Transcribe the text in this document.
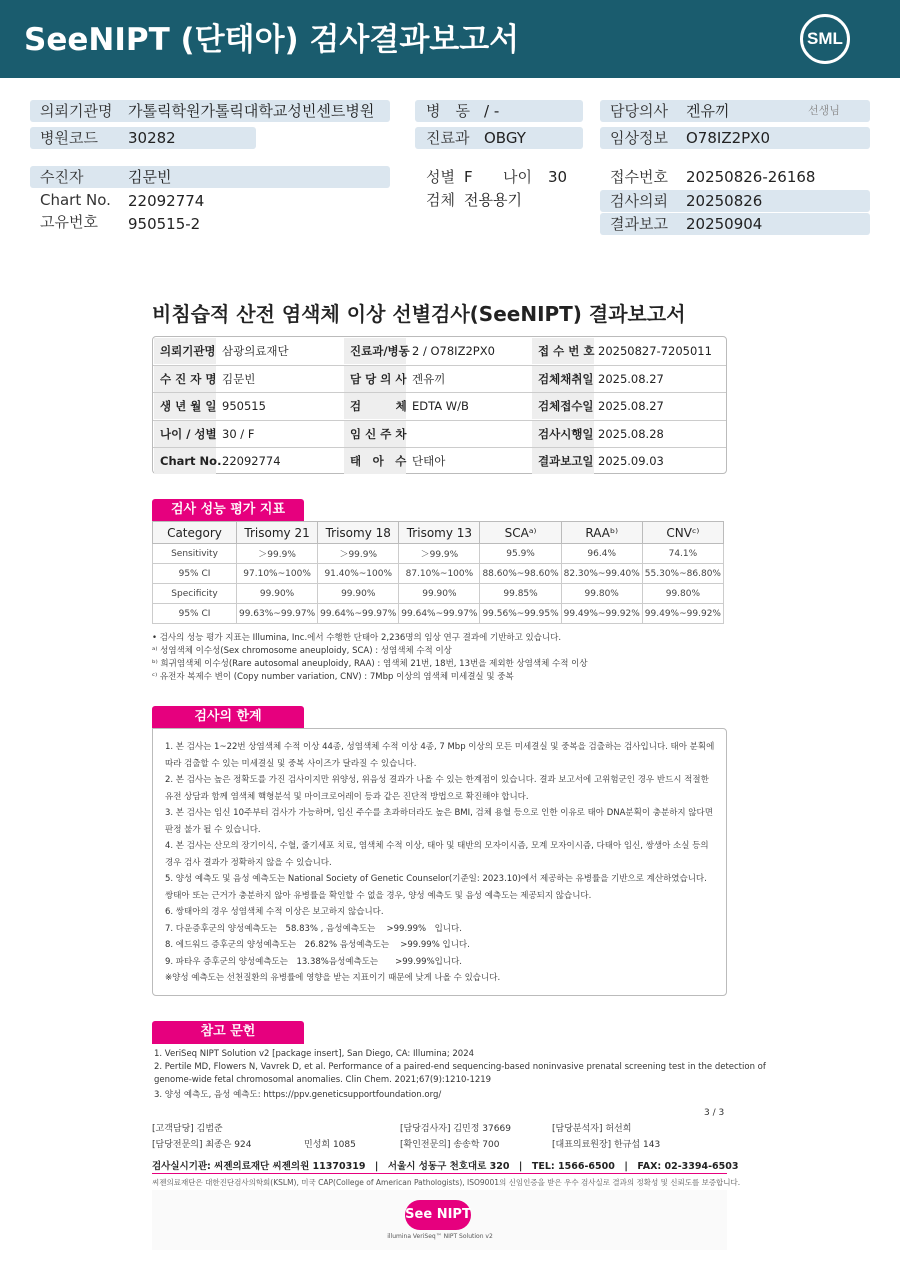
SeeNIPT (단태아) 검사결과보고서	SML
의뢰기관명 가톨릭학원가톨릭대학교성빈센트병원	병　동 / -	담당의사 겐유끼	선생님
병원코드 30282	진료과 OBGY	임상정보 O78IZ2PX0
수진자	김문빈	성별 F 나이 30	접수번호 20250826-26168
Chart No. 22092774	검체 전용용기	검사의뢰 20250826
고유번호 950515-2	결과보고 20250904
비침습적 산전 염색체 이상 선별검사(SeeNIPT) 결과보고서
의뢰기관명 삼광의료재단	진료과/병동 2 / O78IZ2PX0	접 수 번 호 20250827-7205011
수 진 자 명 김문빈	담 당 의 사 겐유끼	검체채취일 2025.08.27
생 년 월 일 950515	검　　　체 EDTA W/B	검체접수일 2025.08.27
나이 / 성별 30 / F	임 신 주 차	검사시행일 2025.08.28
Chart No. 22092774	태　아　수 단태아	결과보고일 2025.09.03
검사 성능 평가 지표
Category	Trisomy 21	Trisomy 18	Trisomy 13	SCAᵃ⁾	RAAᵇ⁾	CNVᶜ⁾
Sensitivity	＞99.9%	＞99.9%	＞99.9%	95.9%	96.4%	74.1%
95% CI	97.10%~100%	91.40%~100%	87.10%~100%	88.60%~98.60%	82.30%~99.40%	55.30%~86.80%
Specificity	99.90%	99.90%	99.90%	99.85%	99.80%	99.80%
95% CI	99.63%~99.97%	99.64%~99.97%	99.64%~99.97%	99.56%~99.95%	99.49%~99.92%	99.49%~99.92%
• 검사의 성능 평가 지표는 Illumina, Inc.에서 수행한 단태아 2,236명의 임상 연구 결과에 기반하고 있습니다.
ᵃ⁾ 성염색체 이수성(Sex chromosome aneuploidy, SCA) : 성염색체 수적 이상
ᵇ⁾ 희귀염색체 이수성(Rare autosomal aneuploidy, RAA) : 염색체 21번, 18번, 13번을 제외한 상염색체 수적 이상
ᶜ⁾ 유전자 복제수 변이 (Copy number variation, CNV) : 7Mbp 이상의 염색체 미세결실 및 중복
검사의 한계
1. 본 검사는 1~22번 상염색체 수적 이상 44종, 성염색체 수적 이상 4종, 7 Mbp 이상의 모든 미세결실 및 중복을 검출하는 검사입니다. 태아 분획에
따라 검출할 수 있는 미세결실 및 중복 사이즈가 달라질 수 있습니다.
2. 본 검사는 높은 정확도를 가진 검사이지만 위양성, 위음성 결과가 나올 수 있는 한계점이 있습니다. 결과 보고서에 고위험군인 경우 반드시 적절한
유전 상담과 함께 염색체 핵형분석 및 마이크로어레이 등과 같은 진단적 방법으로 확진해야 합니다.
3. 본 검사는 임신 10주부터 검사가 가능하며, 임신 주수를 초과하더라도 높은 BMI, 검체 용혈 등으로 인한 이유로 태아 DNA분획이 충분하지 않다면
판정 불가 될 수 있습니다.
4. 본 검사는 산모의 장기이식, 수혈, 줄기세포 치료, 염색체 수적 이상, 태아 및 태반의 모자이시즘, 모계 모자이시즘, 다태아 임신, 쌍생아 소실 등의
경우 검사 결과가 정확하지 않을 수 있습니다.
5. 양성 예측도 및 음성 예측도는 National Society of Genetic Counselor(기준일: 2023.10)에서 제공하는 유병률을 기반으로 계산하였습니다.
쌍태아 또는 근거가 충분하지 않아 유병률을 확인할 수 없을 경우, 양성 예측도 및 음성 예측도는 제공되지 않습니다.
6. 쌍태아의 경우 성염색체 수적 이상은 보고하지 않습니다.
7. 다운증후군의 양성예측도는　58.83% , 음성예측도는　 >99.99%　입니다.
8. 에드워드 증후군의 양성예측도는　26.82% 음성예측도는　 >99.99% 입니다.
9. 파타우 증후군의 양성예측도는　13.38%음성예측도는　　>99.99%입니다.
※양성 예측도는 선천질환의 유병률에 영향을 받는 지표이기 때문에 낮게 나올 수 있습니다.
참고 문헌
1. VeriSeq NIPT Solution v2 [package insert], San Diego, CA: Illumina; 2024
2. Pertile MD, Flowers N, Vavrek D, et al. Performance of a paired-end sequencing-based noninvasive prenatal screening test in the detection of
genome-wide fetal chromosomal anomalies. Clin Chem. 2021;67(9):1210-1219
3. 양성 예측도, 음성 예측도: https://ppv.geneticsupportfoundation.org/
3 / 3
[고객담당] 김범준
[담당전문의] 최종은 924	민성희 1085
[담당검사자] 김민정 37669
[확인전문의] 송송학 700
[담당분석자] 허선희
[대표의료원장] 한규섭 143
검사실시기관: 씨젠의료재단 씨젠의원 11370319　|　서울시 성동구 천호대로 320　|　TEL: 1566-6500　|　FAX: 02-3394-6503
씨젠의료재단은 대한진단검사의학회(KSLM), 미국 CAP(College of American Pathologists), ISO9001의 신임인증을 받은 우수 검사실로 결과의 정확성 및 신뢰도를 보증합니다.
See NIPT
illumina VeriSeq™ NIPT Solution v2
